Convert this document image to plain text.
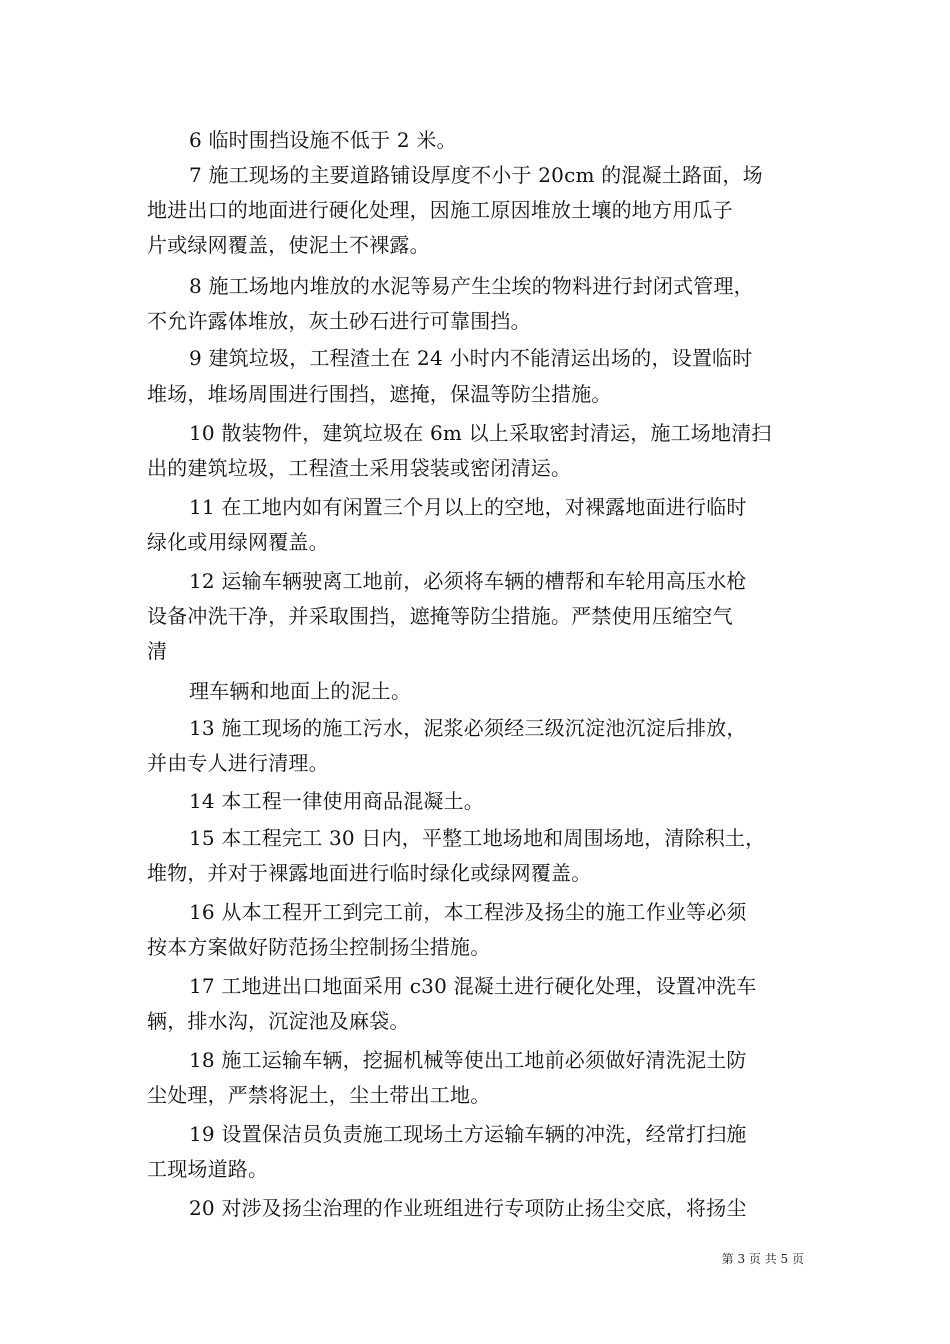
6 临时围挡设施不低于 2 米。
7 施工现场的主要道路铺设厚度不小于 20cm 的混凝土路面，场
地进出口的地面进行硬化处理，因施工原因堆放土壤的地方用瓜子
片或绿网覆盖，使泥土不裸露。
8 施工场地内堆放的水泥等易产生尘埃的物料进行封闭式管理，
不允许露体堆放，灰土砂石进行可靠围挡。
9 建筑垃圾，工程渣土在 24 小时内不能清运出场的，设置临时
堆场，堆场周围进行围挡，遮掩，保温等防尘措施。
10 散装物件，建筑垃圾在 6m 以上采取密封清运，施工场地清扫
出的建筑垃圾，工程渣土采用袋装或密闭清运。
11 在工地内如有闲置三个月以上的空地，对裸露地面进行临时
绿化或用绿网覆盖。
12 运输车辆驶离工地前，必须将车辆的槽帮和车轮用高压水枪
设备冲洗干净，并采取围挡，遮掩等防尘措施。严禁使用压缩空气
清
理车辆和地面上的泥土。
13 施工现场的施工污水，泥浆必须经三级沉淀池沉淀后排放，
并由专人进行清理。
14 本工程一律使用商品混凝土。
15 本工程完工 30 日内，平整工地场地和周围场地，清除积土，
堆物，并对于裸露地面进行临时绿化或绿网覆盖。
16 从本工程开工到完工前，本工程涉及扬尘的施工作业等必须
按本方案做好防范扬尘控制扬尘措施。
17 工地进出口地面采用 c30 混凝土进行硬化处理，设置冲洗车
辆，排水沟，沉淀池及麻袋。
18 施工运输车辆，挖掘机械等使出工地前必须做好清洗泥土防
尘处理，严禁将泥土，尘土带出工地。
19 设置保洁员负责施工现场土方运输车辆的冲洗，经常打扫施
工现场道路。
20 对涉及扬尘治理的作业班组进行专项防止扬尘交底，将扬尘
第 3 页 共 5 页
